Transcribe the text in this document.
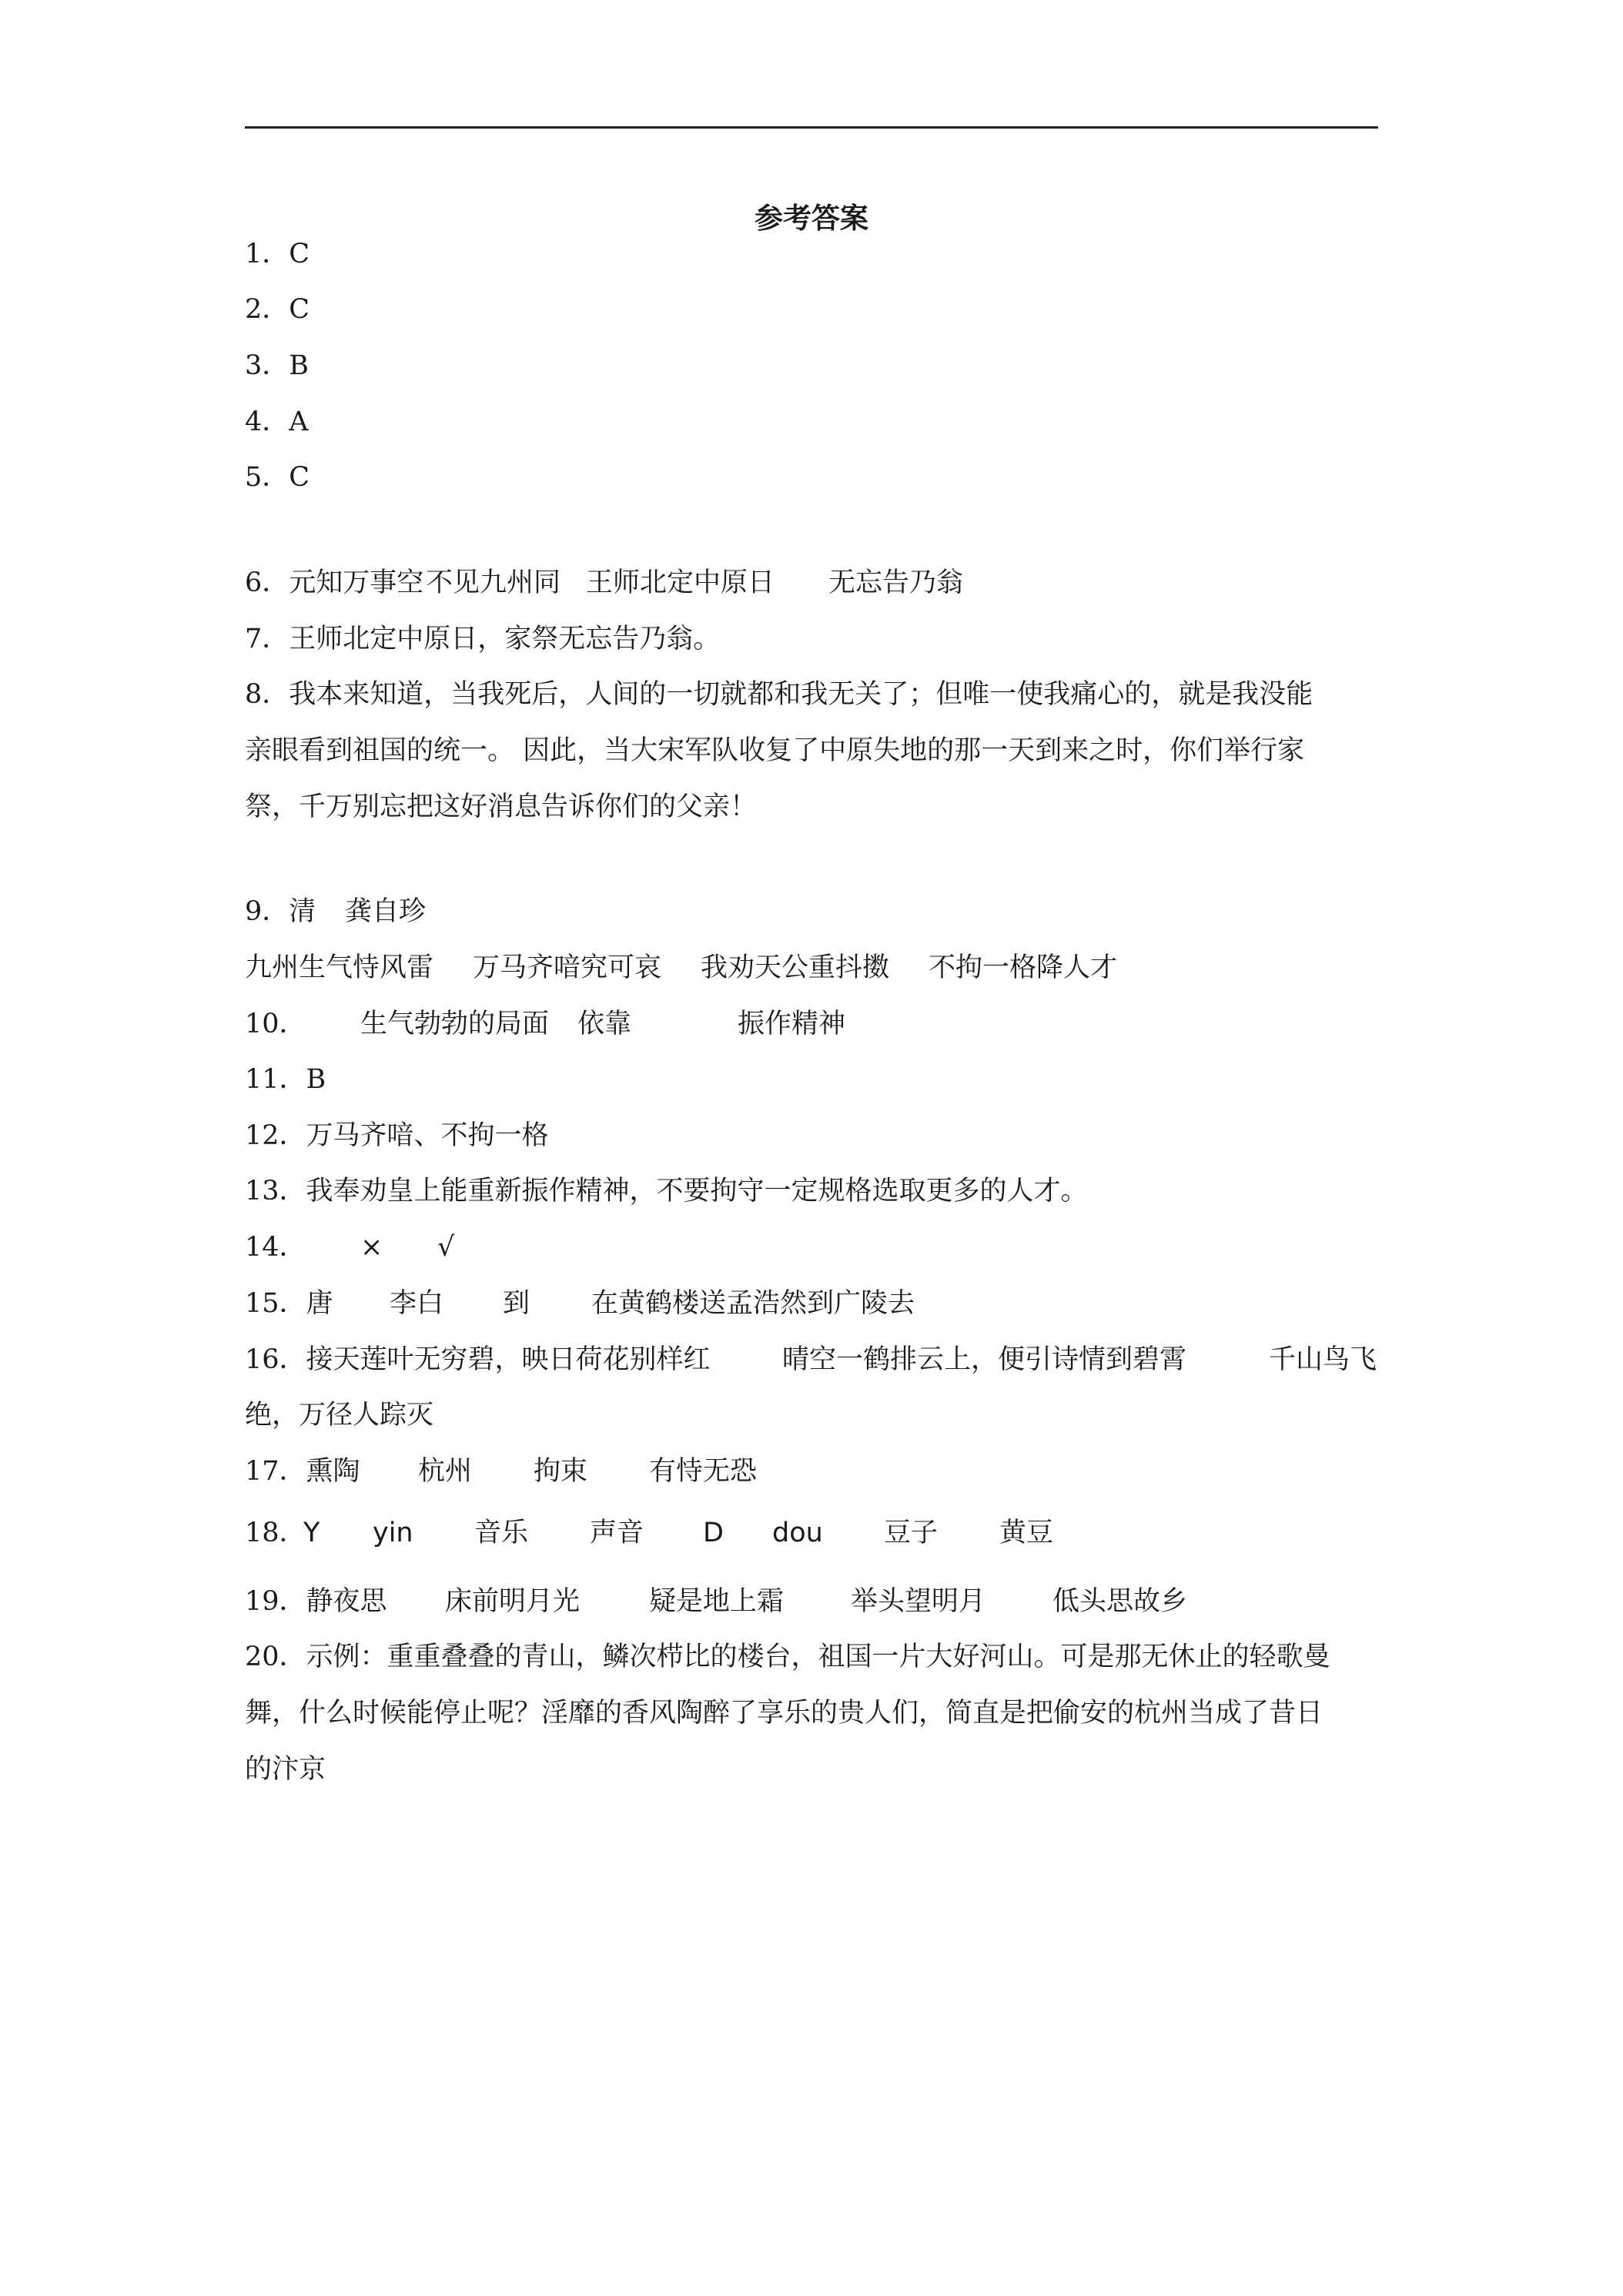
参考答案
1．C
2．C
3．B
4．A
5．C
6．元知万事空不见九州同 王师北定中原日 无忘告乃翁
7．王师北定中原日，家祭无忘告乃翁。
8．我本来知道，当我死后，人间的一切就都和我无关了；但唯一使我痛心的，就是我没能
亲眼看到祖国的统一。 因此，当大宋军队收复了中原失地的那一天到来之时，你们举行家
祭，千万别忘把这好消息告诉你们的父亲！
9．清 龚自珍
九州生气恃风雷 万马齐喑究可哀 我劝天公重抖擞 不拘一格降人才
10． 生气勃勃的局面 依靠	振作精神
11．B
12．万马齐喑、不拘一格
13．我奉劝皇上能重新振作精神，不要拘守一定规格选取更多的人才。
14． × √
15．唐 李白 到 在黄鹤楼送孟浩然到广陵去
16．接天莲叶无穷碧，映日荷花别样红	晴空一鹤排云上，便引诗情到碧霄	千山鸟飞
绝，万径人踪灭
17．熏陶 杭州 拘束 有恃无恐
18．Y yin 音乐 声音 D dou 豆子 黄豆
19．静夜思 床前明月光	疑是地上霜 举头望明月 低头思故乡
20．示例：重重叠叠的青山，鳞次栉比的楼台，祖国一片大好河山。可是那无休止的轻歌曼
舞，什么时候能停止呢？淫靡的香风陶醉了享乐的贵人们，简直是把偷安的杭州当成了昔日
的汴京
